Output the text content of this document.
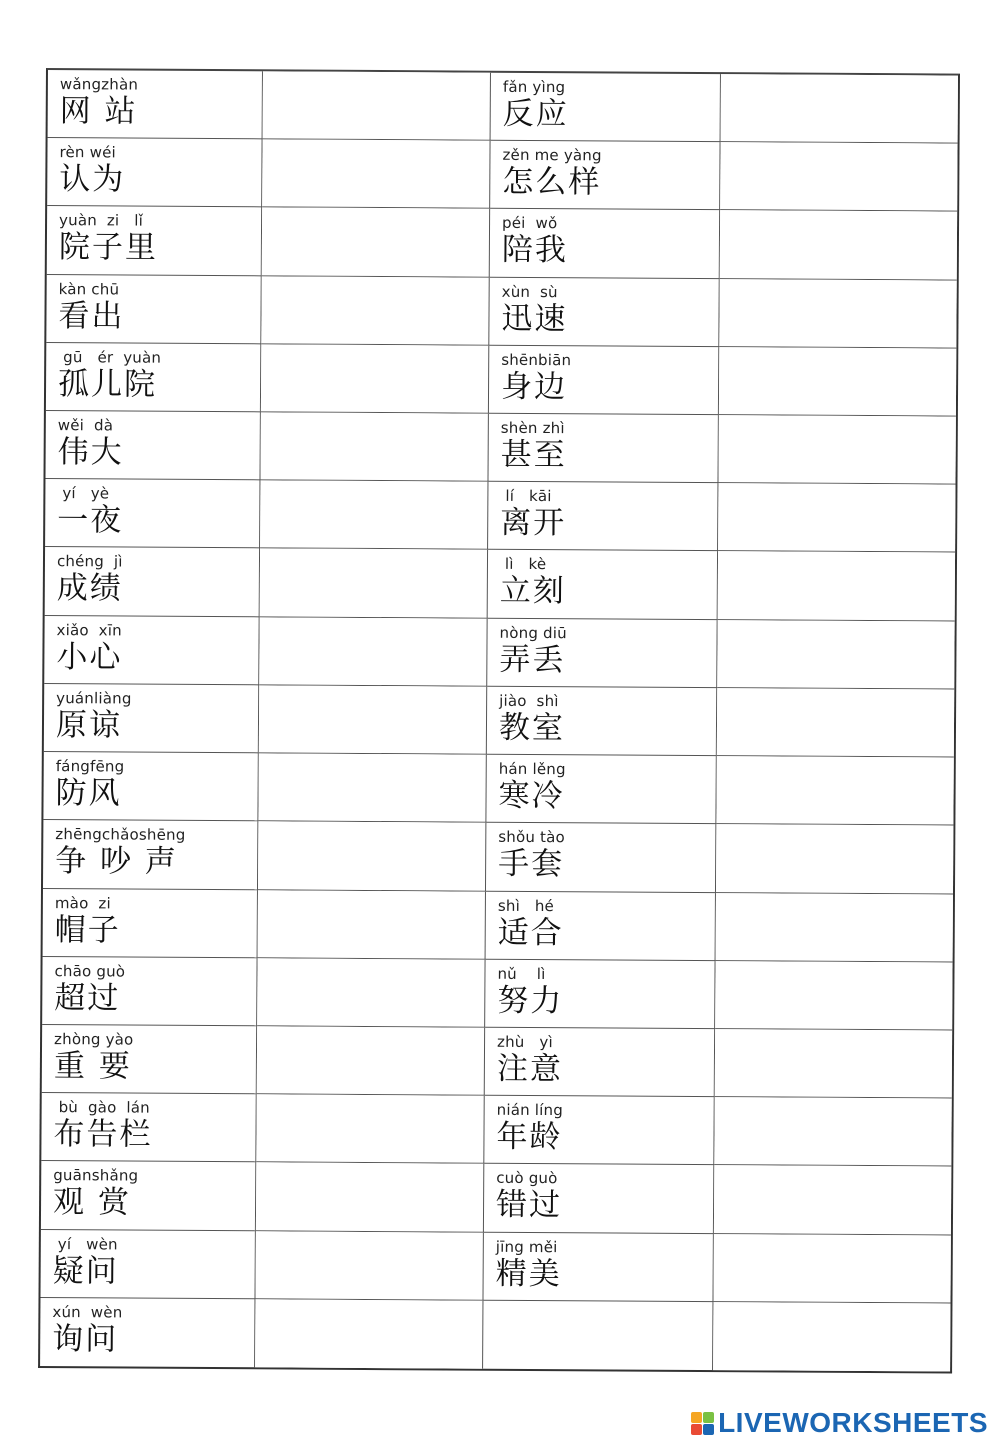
wǎngzhàn
网 站
fǎn yìng
反应
rèn wéi
认为
zěn me yàng
怎么样
yuàn  zi   lǐ
院子里
péi  wǒ
陪我
kàn chū
看出
xùn  sù
迅速
gū   ér  yuàn
孤儿院
shēnbiān
身边
wěi  dà
伟大
shèn zhì
甚至
yí   yè
一夜
lí   kāi
离开
chéng  jì
成绩
lì   kè
立刻
xiǎo  xīn
小心
nòng diū
弄丢
yuánliàng
原谅
jiào  shì
教室
fángfēng
防风
hán lěng
寒冷
zhēngchǎoshēng
争 吵 声
shǒu tào
手套
mào  zi
帽子
shì   hé
适合
chāo guò
超过
nǔ    lì
努力
zhòng yào
重 要
zhù   yì
注意
bù  gào  lán
布告栏
nián líng
年龄
guānshǎng
观 赏
cuò guò
错过
yí   wèn
疑问
jīng měi
精美
xún  wèn
询问
LIVEWORKSHEETS
